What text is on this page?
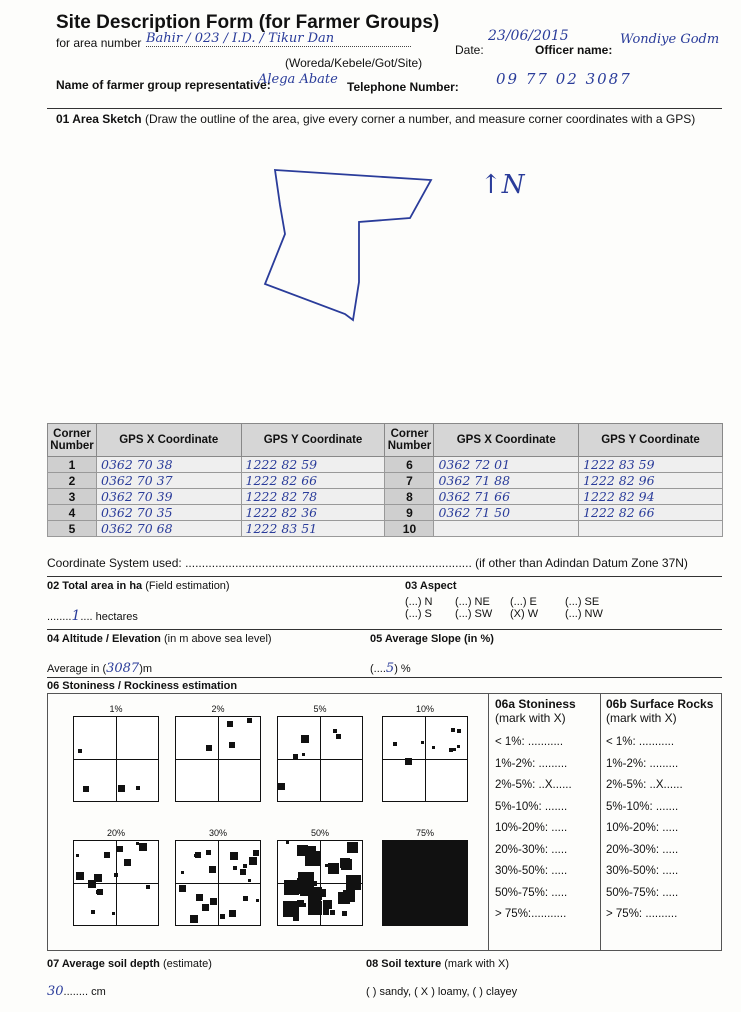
Site Description Form (for Farmer Groups)
for area number Bahir / 023 / I.D. / Tikur Dan
Date:
23/06/2015
Officer name:
Wondiye Godm
(Woreda/Kebele/Got/Site)
Name of farmer group representative:
Alega Abate Telephone Number: 09 77 02 3087
01 Area Sketch (Draw the outline of the area, give every corner a number, and measure corner coordinates with a GPS)
↑N
Corner Number	GPS X Coordinate	GPS Y Coordinate	Corner Number	GPS X Coordinate	GPS Y Coordinate
1	0362 70 38	1222 82 59	6	0362 72 01	1222 83 59
2	0362 70 37	1222 82 66	7	0362 71 88	1222 82 96
3	0362 70 39	1222 82 78	8	0362 71 66	1222 82 94
4	0362 70 35	1222 82 36	9	0362 71 50	1222 82 66
5	0362 70 68	1222 83 51	10		
Coordinate System used: ...................................................................................... (if other than Adindan Datum Zone 37N)
02 Total area in ha (Field estimation)
........1.... hectares
03 Aspect
(...) N (...) NE (...) E	(...) SE
(...) S (...) SW (X) W (...) NW
04 Altitude / Elevation (in m above sea level)	05 Average Slope (in %)
Average in (3087)m	(....5) %
06 Stoniness / Rockiness estimation
1%	2%	5%	10%
20%	30%	50%	75%
06a Stoniness
(mark with X)
06b Surface Rocks
(mark with X)
< 1%: ...........
1%-2%: .........
2%-5%: ..X......
5%-10%: .......
10%-20%: .....
20%-30%: .....
30%-50%: .....
50%-75%: .....
> 75%:...........
< 1%: ...........
1%-2%: .........
2%-5%: ..X......
5%-10%: .......
10%-20%: .....
20%-30%: .....
30%-50%: .....
50%-75%: .....
> 75%: ..........
07 Average soil depth (estimate)
30........ cm
08 Soil texture (mark with X)
( ) sandy, ( X ) loamy, ( ) clayey
